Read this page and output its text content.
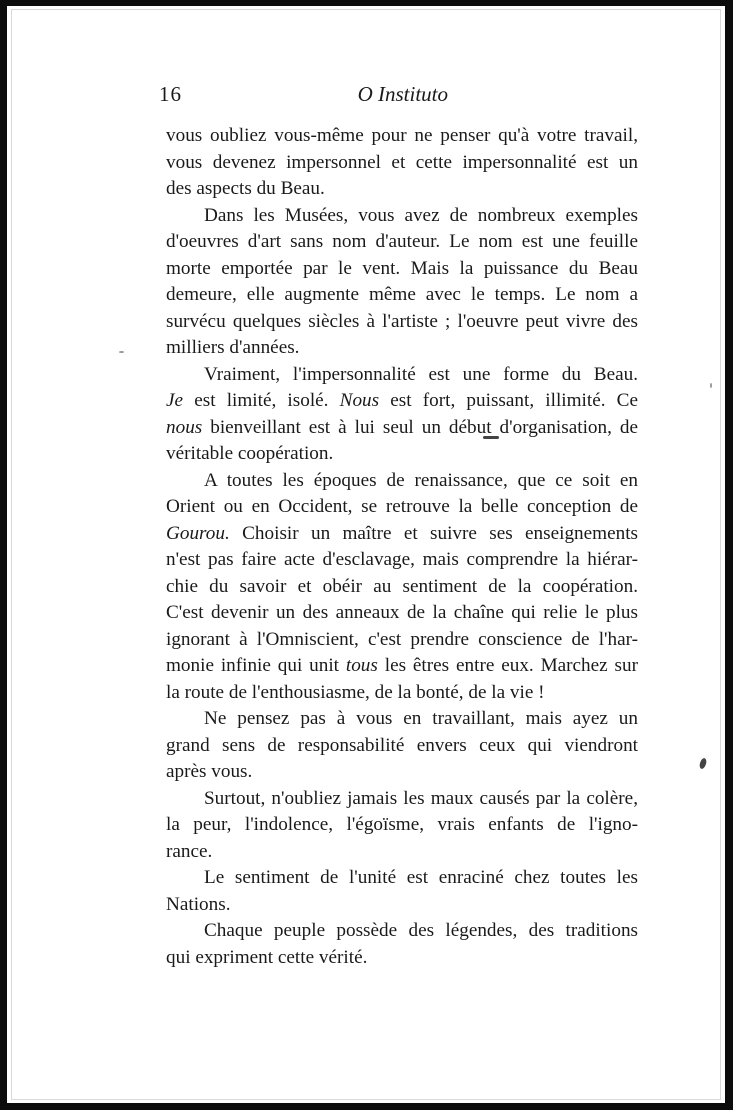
16	O Instituto

vous oubliez vous-même pour ne penser qu'à votre travail,
vous devenez impersonnel et cette impersonnalité est un
des aspects du Beau.

Dans les Musées, vous avez de nombreux exemples
d'oeuvres d'art sans nom d'auteur. Le nom est une feuille
morte emportée par le vent. Mais la puissance du Beau
demeure, elle augmente même avec le temps. Le nom a
survécu quelques siècles à l'artiste ; l'oeuvre peut vivre des
milliers d'années.

Vraiment, l'impersonnalité est une forme du Beau.
Je est limité, isolé. Nous est fort, puissant, illimité. Ce
nous bienveillant est à lui seul un début d'organisation, de
véritable coopération.

A toutes les époques de renaissance, que ce soit en
Orient ou en Occident, se retrouve la belle conception de
Gourou. Choisir un maître et suivre ses enseignements
n'est pas faire acte d'esclavage, mais comprendre la hiérar-
chie du savoir et obéir au sentiment de la coopération.
C'est devenir un des anneaux de la chaîne qui relie le plus
ignorant à l'Omniscient, c'est prendre conscience de l'har-
monie infinie qui unit tous les êtres entre eux. Marchez sur
la route de l'enthousiasme, de la bonté, de la vie !

Ne pensez pas à vous en travaillant, mais ayez un
grand sens de responsabilité envers ceux qui viendront
après vous.

Surtout, n'oubliez jamais les maux causés par la colère,
la peur, l'indolence, l'égoïsme, vrais enfants de l'igno-
rance.

Le sentiment de l'unité est enraciné chez toutes les
Nations.

Chaque peuple possède des légendes, des traditions
qui expriment cette vérité.
